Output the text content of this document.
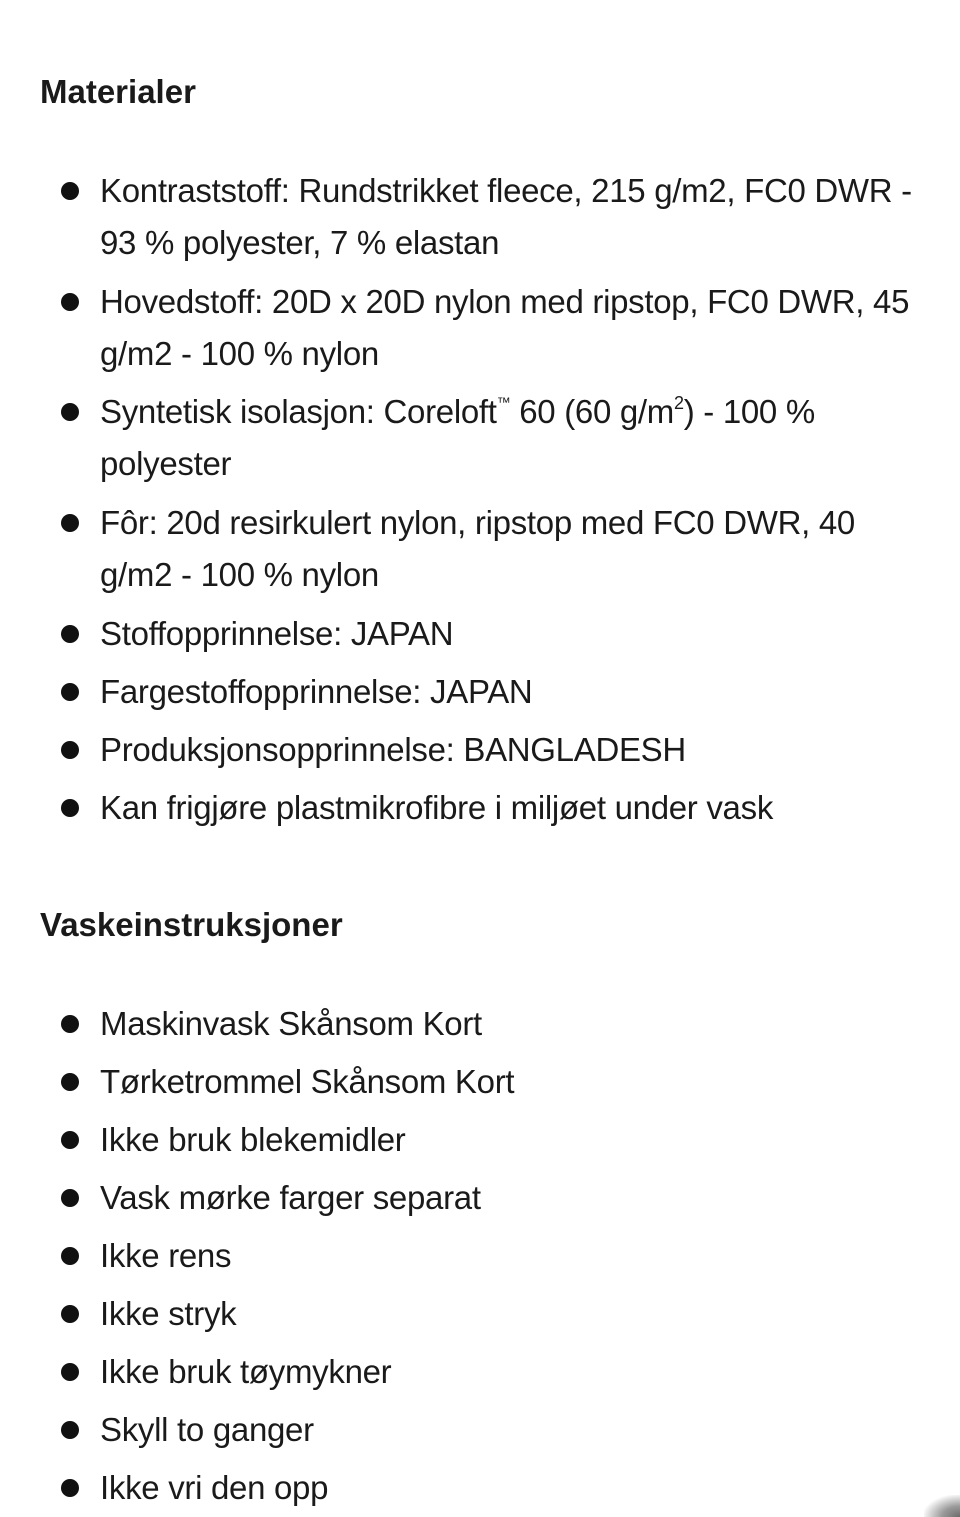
Materialer
Kontraststoff: Rundstrikket fleece, 215 g/m2, FC0 DWR - 93 % polyester, 7 % elastan
Hovedstoff: 20D x 20D nylon med ripstop, FC0 DWR, 45 g/m2 - 100 % nylon
Syntetisk isolasjon: Coreloft™ 60 (60 $g/m^2) - 100$ % polyester
Fôr: 20d resirkulert nylon, ripstop med FC0 DWR, 40 g/m2 - 100 % nylon
Stoffopprinnelse: JAPAN
Fargestoffopprinnelse: JAPAN
Produksjonsopprinnelse: BANGLADESH
Kan frigjøre plastmikrofibre i miljøet under vask
Vaskeinstruksjoner
Maskinvask Skånsom Kort
Tørketrommel Skånsom Kort
Ikke bruk blekemidler
Vask mørke farger separat
Ikke rens
Ikke stryk
Ikke bruk tøymykner
Skyll to ganger
Ikke vri den opp
